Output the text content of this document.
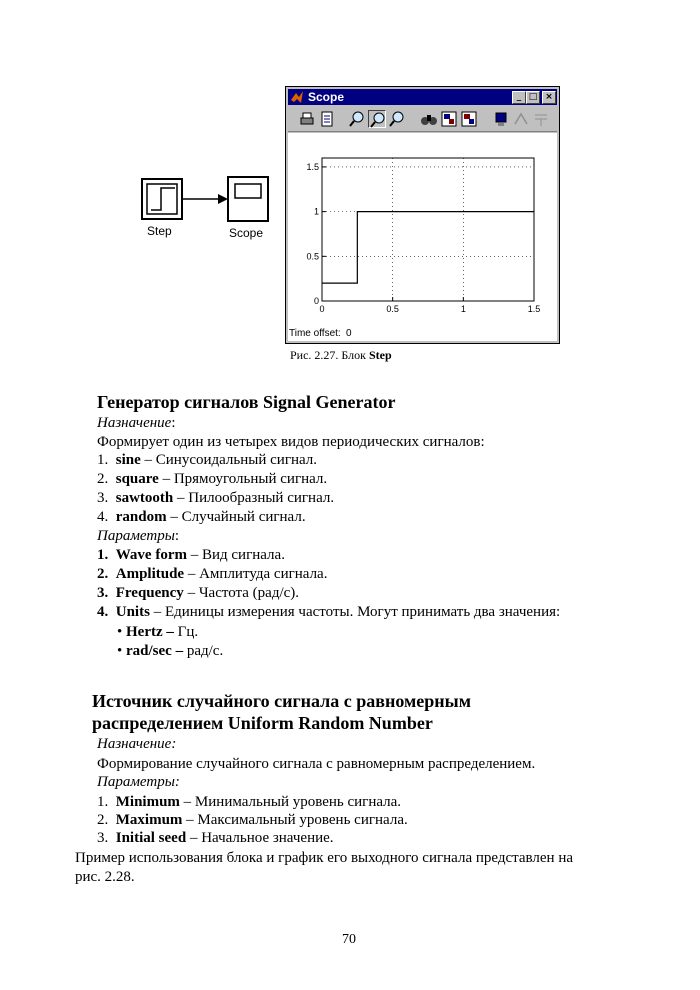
Step	Scope
Scope	_ □ ×
0	0.5	1	1.5
0
0.5
1
1.5
Time offset: 0
Рис. 2.27. Блок Step
Генератор сигналов Signal Generator
Назначение:
Формирует один из четырех видов периодических сигналов:
1. sine – Синусоидальный сигнал.
2. square – Прямоугольный сигнал.
3. sawtooth – Пилообразный сигнал.
4. random – Случайный сигнал.
Параметры:
1. Wave form – Вид сигнала.
2. Amplitude – Амплитуда сигнала.
3. Frequency – Частота (рад/с).
4. Units – Единицы измерения частоты. Могут принимать два значения:
• Hertz – Гц.
• rad/sec – рад/с.
Источник случайного сигнала с равномерным
распределением Uniform Random Number
Назначение:
Формирование случайного сигнала с равномерным распределением.
Параметры:
1. Minimum – Минимальный уровень сигнала.
2. Maximum – Максимальный уровень сигнала.
3. Initial seed – Начальное значение.
Пример использования блока и график его выходного сигнала представлен на
рис. 2.28.
70
